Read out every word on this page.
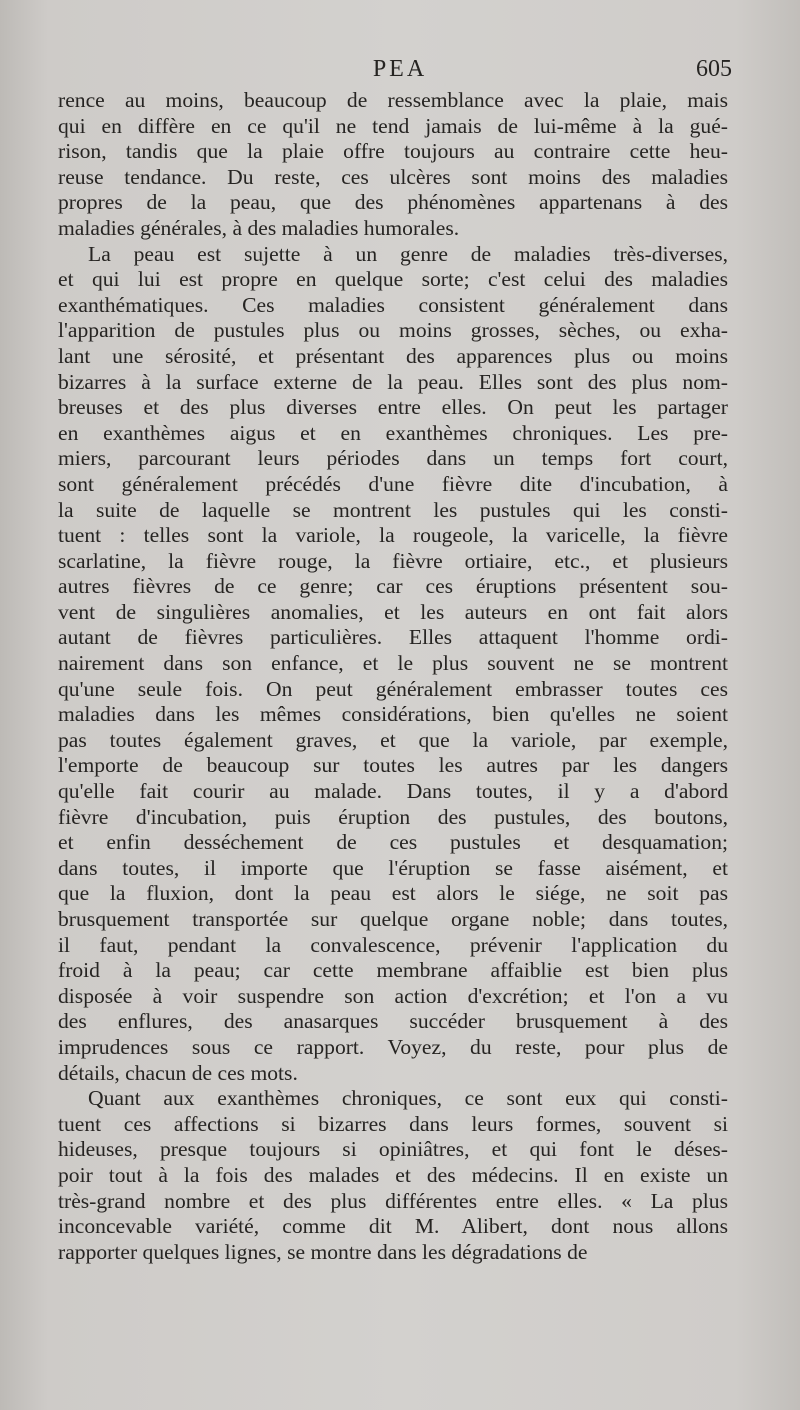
PEA	605
rence au moins, beaucoup de ressemblance avec la plaie, mais
qui en diffère en ce qu'il ne tend jamais de lui-même à la gué-
rison, tandis que la plaie offre toujours au contraire cette heu-
reuse tendance. Du reste, ces ulcères sont moins des maladies
propres de la peau, que des phénomènes appartenans à des
maladies générales, à des maladies humorales.
La peau est sujette à un genre de maladies très-diverses,
et qui lui est propre en quelque sorte; c'est celui des maladies
exanthématiques. Ces maladies consistent généralement dans
l'apparition de pustules plus ou moins grosses, sèches, ou exha-
lant une sérosité, et présentant des apparences plus ou moins
bizarres à la surface externe de la peau. Elles sont des plus nom-
breuses et des plus diverses entre elles. On peut les partager
en exanthèmes aigus et en exanthèmes chroniques. Les pre-
miers, parcourant leurs périodes dans un temps fort court,
sont généralement précédés d'une fièvre dite d'incubation, à
la suite de laquelle se montrent les pustules qui les consti-
tuent : telles sont la variole, la rougeole, la varicelle, la fièvre
scarlatine, la fièvre rouge, la fièvre ortiaire, etc., et plusieurs
autres fièvres de ce genre; car ces éruptions présentent sou-
vent de singulières anomalies, et les auteurs en ont fait alors
autant de fièvres particulières. Elles attaquent l'homme ordi-
nairement dans son enfance, et le plus souvent ne se montrent
qu'une seule fois. On peut généralement embrasser toutes ces
maladies dans les mêmes considérations, bien qu'elles ne soient
pas toutes également graves, et que la variole, par exemple,
l'emporte de beaucoup sur toutes les autres par les dangers
qu'elle fait courir au malade. Dans toutes, il y a d'abord
fièvre d'incubation, puis éruption des pustules, des boutons,
et enfin desséchement de ces pustules et desquamation;
dans toutes, il importe que l'éruption se fasse aisément, et
que la fluxion, dont la peau est alors le siége, ne soit pas
brusquement transportée sur quelque organe noble; dans toutes,
il faut, pendant la convalescence, prévenir l'application du
froid à la peau; car cette membrane affaiblie est bien plus
disposée à voir suspendre son action d'excrétion; et l'on a vu
des enflures, des anasarques succéder brusquement à des
imprudences sous ce rapport. Voyez, du reste, pour plus de
détails, chacun de ces mots.
Quant aux exanthèmes chroniques, ce sont eux qui consti-
tuent ces affections si bizarres dans leurs formes, souvent si
hideuses, presque toujours si opiniâtres, et qui font le déses-
poir tout à la fois des malades et des médecins. Il en existe un
très-grand nombre et des plus différentes entre elles. « La plus
inconcevable variété, comme dit M. Alibert, dont nous allons
rapporter quelques lignes, se montre dans les dégradations de
